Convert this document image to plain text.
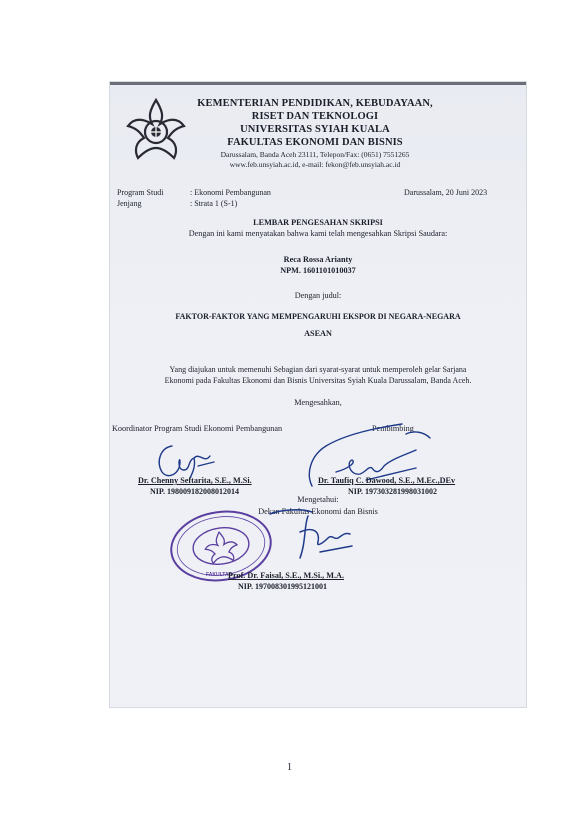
KEMENTERIAN PENDIDIKAN, KEBUDAYAAN,
RISET DAN TEKNOLOGI
UNIVERSITAS SYIAH KUALA
FAKULTAS EKONOMI DAN BISNIS
Darussalam, Banda Aceh 23111, Telepon/Fax: (0651) 7551265
www.feb.unsyiah.ac.id, e-mail: fekon@feb.unsyiah.ac.id
Program Studi	: Ekonomi Pembangunan
Jenjang	: Strata 1 (S-1)
Darussalam, 20 Juni 2023
LEMBAR PENGESAHAN SKRIPSI
Dengan ini kami menyatakan bahwa kami telah mengesahkan Skripsi Saudara:
Reca Rossa Arianty
NPM. 1601101010037
Dengan judul:
FAKTOR-FAKTOR YANG MEMPENGARUHI EKSPOR DI NEGARA-NEGARA
ASEAN
Yang diajukan untuk memenuhi Sebagian dari syarat-syarat untuk memperoleh gelar Sarjana
Ekonomi pada Fakultas Ekonomi dan Bisnis Universitas Syiah Kuala Darussalam, Banda Aceh.
Mengesahkan,
Koordinator Program Studi Ekonomi Pembangunan	Pembimbing
Dr. Chenny Seftarita, S.E., M.Si.
NIP. 198009182008012014
Dr. Taufiq C. Dawood, S.E., M.Ec.,DEv
NIP. 197303281998031002
Mengetahui:
Dekan Fakultas Ekonomi dan Bisnis
FAKULTAS
Prof. Dr. Faisal, S.E., M.Si., M.A.
NIP. 197008301995121001
1
